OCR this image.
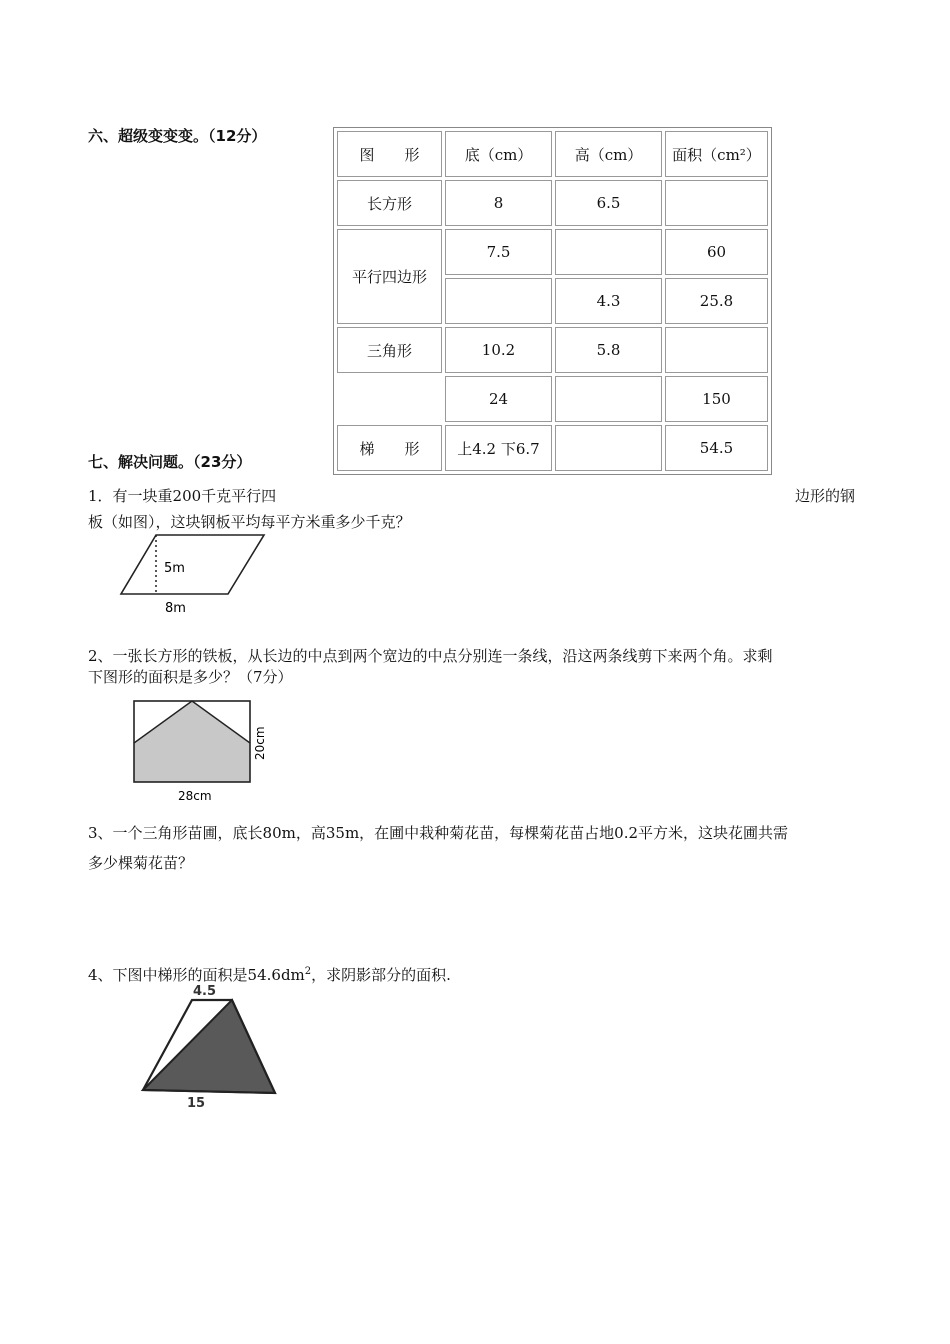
六、超级变变变。（12分）
图　　形	底（cm）	高（cm）	面积（cm²）
长方形	8	6.5	
平行四边形	7.5		60
		4.3	25.8
三角形	10.2	5.8	
	24		150
梯　　形	上4.2 下6.7		54.5
七、解决问题。（23分）
1．有一块重200千克平行四	边形的钢
板（如图），这块钢板平均每平方米重多少千克？
5m
8m
2、一张长方形的铁板，从长边的中点到两个宽边的中点分别连一条线，沿这两条线剪下来两个角。求剩
下图形的面积是多少？（7分）
28cm
20cm
3、一个三角形苗圃，底长80m，高35m，在圃中栽种菊花苗，每棵菊花苗占地0.2平方米，这块花圃共需
多少棵菊花苗？
4、下图中梯形的面积是$54.6dm^2$，求阴影部分的面积.
4.5
15
